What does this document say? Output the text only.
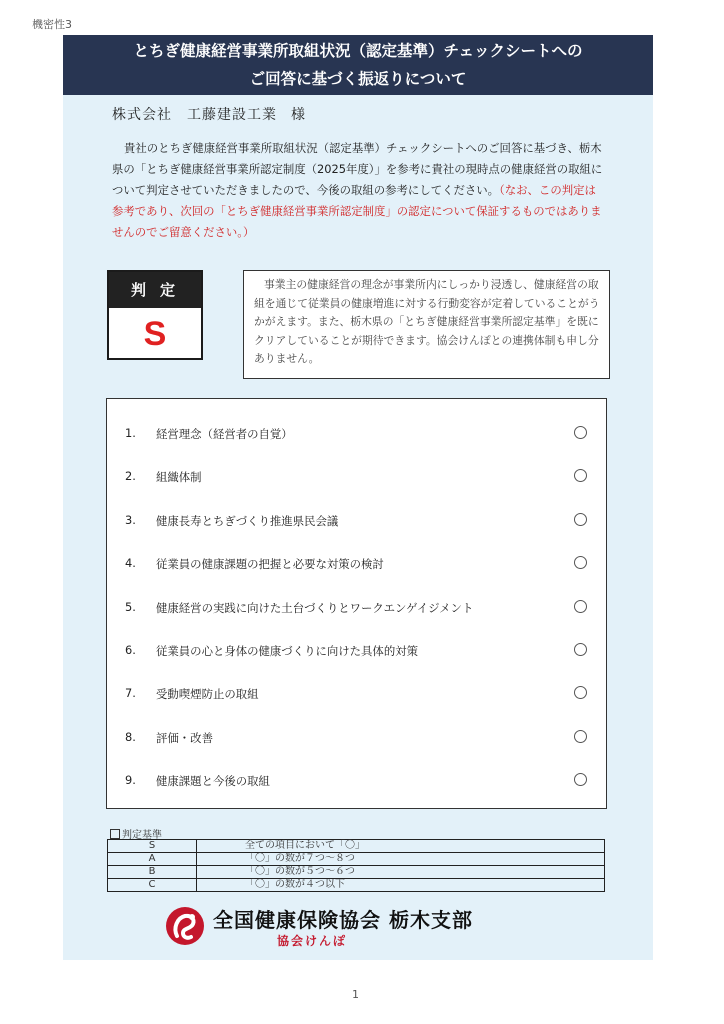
機密性3
とちぎ健康経営事業所取組状況（認定基準）チェックシートへの
ご回答に基づく振返りについて
株式会社　工藤建設工業 様
貴社のとちぎ健康経営事業所取組状況（認定基準）チェックシートへのご回答に基づき、栃木県の「とちぎ健康経営事業所認定制度（2025年度）」を参考に貴社の現時点の健康経営の取組について判定させていただきましたので、今後の取組の参考にしてください。（なお、この判定は参考であり、次回の「とちぎ健康経営事業所認定制度」の認定について保証するものではありませんのでご留意ください。）
判定
S
事業主の健康経営の理念が事業所内にしっかり浸透し、健康経営の取組を通じて従業員の健康増進に対する行動変容が定着していることがうかがえます。また、栃木県の「とちぎ健康経営事業所認定基準」を既にクリアしていることが期待できます。協会けんぽとの連携体制も申し分ありません。
1.	経営理念（経営者の自覚）
2.	組織体制
3.	健康長寿とちぎづくり推進県民会議
4.	従業員の健康課題の把握と必要な対策の検討
5.	健康経営の実践に向けた土台づくりとワークエンゲイジメント
6.	従業員の心と身体の健康づくりに向けた具体的対策
7.	受動喫煙防止の取組
8.	評価・改善
9.	健康課題と今後の取組
判定基準
S	全ての項目において「〇」
A	「〇」の数が７つ～８つ
B	「〇」の数が５つ～６つ
C	「〇」の数が４つ以下
全国健康保険協会 栃木支部
協会けんぽ
1
